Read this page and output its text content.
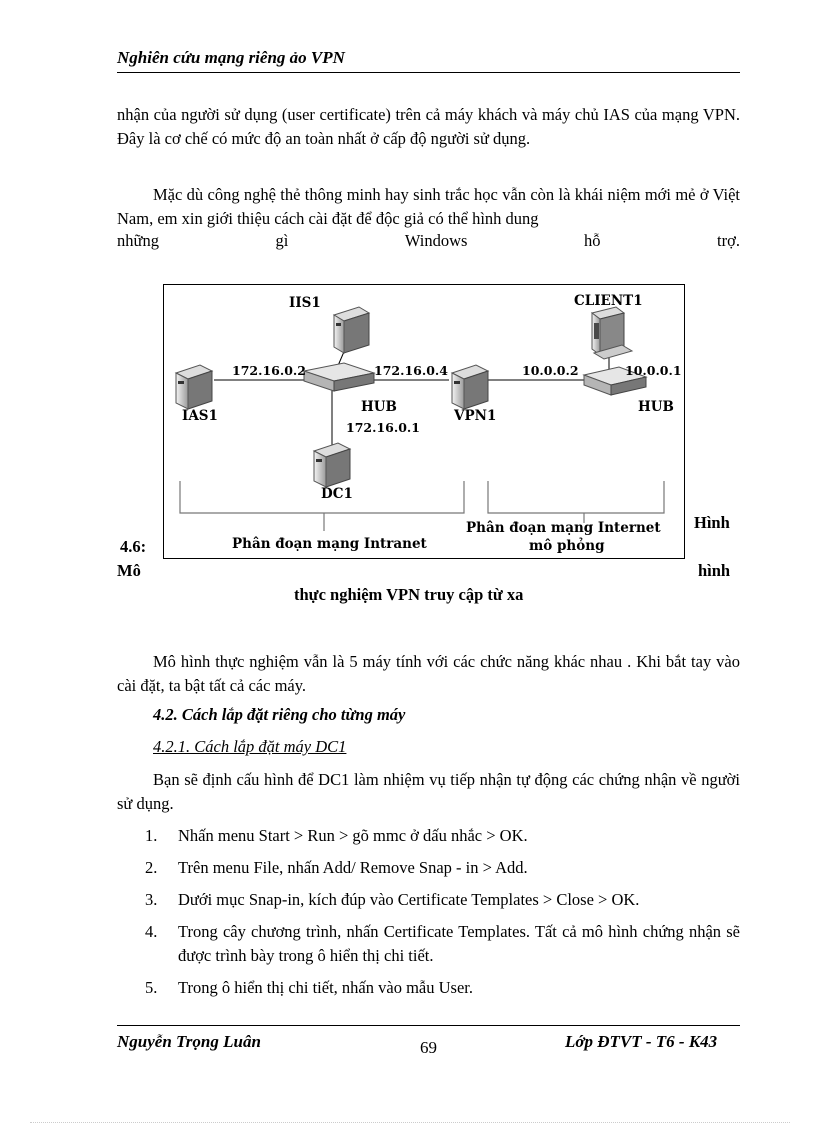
Nghiên cứu mạng riêng ảo VPN
nhận của người sử dụng (user certificate) trên cả máy khách và máy chủ IAS của mạng VPN. Đây là cơ chế có mức độ an toàn nhất ở cấp độ người sử dụng.
Mặc dù công nghệ thẻ thông minh hay sinh trắc học vẫn còn là khái niệm mới mẻ ở Việt Nam, em xin giới thiệu cách cài đặt để độc giả có thể hình dung
những	gì	Windows	hỗ	trợ.
IIS1	CLIENT1
IAS1
HUB
VPN1
HUB
DC1
172.16.0.2	172.16.0.4	10.0.0.2	10.0.0.1
172.16.0.1
Phân đoạn mạng Intranet
Phân đoạn mạng Internet
mô phỏng
Hình
4.6:
Mô	hình
thực nghiệm VPN truy cập từ xa
Mô hình thực nghiệm vẫn là 5 máy tính với các chức năng khác nhau . Khi bắt tay vào cài đặt, ta bật tất cả các máy.
4.2. Cách lắp đặt riêng cho từng máy
4.2.1. Cách lắp đặt máy DC1
Bạn sẽ định cấu hình để DC1 làm nhiệm vụ tiếp nhận tự động các chứng nhận về người sử dụng.
1. Nhấn menu Start > Run > gõ mmc ở dấu nhắc > OK.
2. Trên menu File, nhấn Add/ Remove Snap - in > Add.
3. Dưới mục Snap-in, kích đúp vào Certificate Templates > Close > OK.
4. Trong cây chương trình, nhấn Certificate Templates. Tất cả mô hình chứng nhận sẽ được trình bày trong ô hiển thị chi tiết.
5. Trong ô hiển thị chi tiết, nhấn vào mẫu User.
Nguyễn Trọng Luân	69	Lớp ĐTVT - T6 - K43
